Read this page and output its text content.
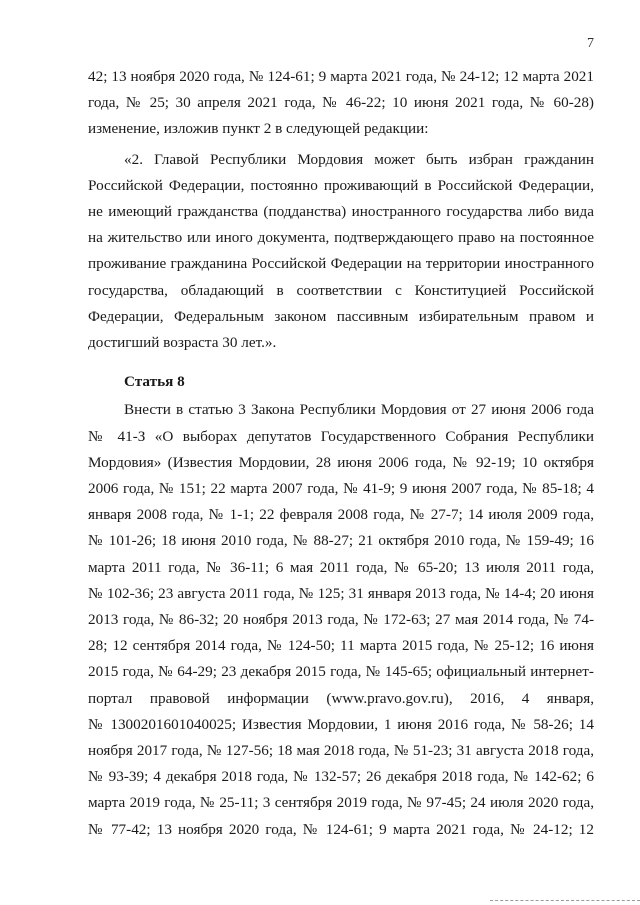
7
42; 13 ноября 2020 года, № 124-61; 9 марта 2021 года, № 24-12; 12 марта 2021
года, № 25; 30 апреля 2021 года, № 46-22; 10 июня 2021 года, № 60-28)
изменение, изложив пункт 2 в следующей редакции:
«2. Главой Республики Мордовия может быть избран гражданин
Российской Федерации, постоянно проживающий в Российской Федерации,
не имеющий гражданства (подданства) иностранного государства либо вида
на жительство или иного документа, подтверждающего право на постоянное
проживание гражданина Российской Федерации на территории иностранного
государства, обладающий в соответствии с Конституцией Российской
Федерации, Федеральным законом пассивным избирательным правом и
достигший возраста 30 лет.».
Статья 8
Внести в статью 3 Закона Республики Мордовия от 27 июня 2006 года
№ 41-З «О выборах депутатов Государственного Собрания Республики
Мордовия» (Известия Мордовии, 28 июня 2006 года, № 92-19; 10 октября
2006 года, № 151; 22 марта 2007 года, № 41-9; 9 июня 2007 года, № 85-18; 4
января 2008 года, № 1-1; 22 февраля 2008 года, № 27-7; 14 июля 2009 года,
№ 101-26; 18 июня 2010 года, № 88-27; 21 октября 2010 года, № 159-49; 16
марта 2011 года, № 36-11; 6 мая 2011 года, № 65-20; 13 июля 2011 года,
№ 102-36; 23 августа 2011 года, № 125; 31 января 2013 года, № 14-4; 20 июня
2013 года, № 86-32; 20 ноября 2013 года, № 172-63; 27 мая 2014 года, № 74-
28; 12 сентября 2014 года, № 124-50; 11 марта 2015 года, № 25-12; 16 июня
2015 года, № 64-29; 23 декабря 2015 года, № 145-65; официальный интернет-
портал правовой информации (www.pravo.gov.ru), 2016, 4 января,
№ 1300201601040025; Известия Мордовии, 1 июня 2016 года, № 58-26; 14
ноября 2017 года, № 127-56; 18 мая 2018 года, № 51-23; 31 августа 2018 года,
№ 93-39; 4 декабря 2018 года, № 132-57; 26 декабря 2018 года, № 142-62; 6
марта 2019 года, № 25-11; 3 сентября 2019 года, № 97-45; 24 июля 2020 года,
№ 77-42; 13 ноября 2020 года, № 124-61; 9 марта 2021 года, № 24-12; 12
